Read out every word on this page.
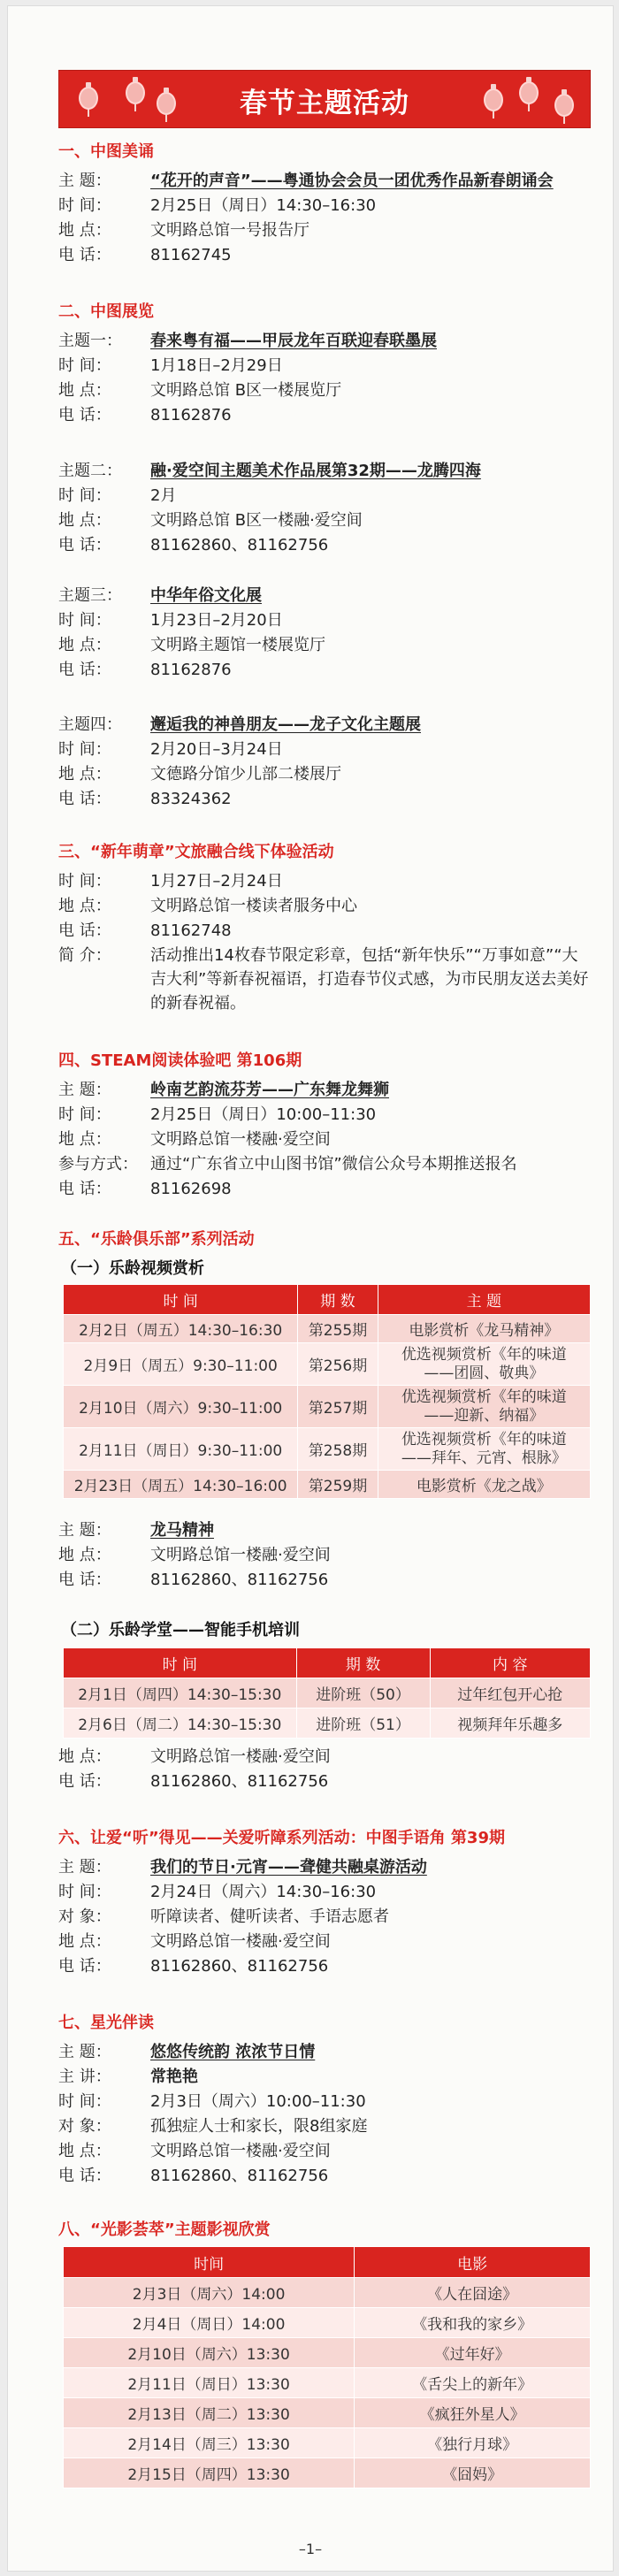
春节主题活动
一、中图美诵
主 题：	“花开的声音”——粤通协会会员一团优秀作品新春朗诵会
时 间：	2月25日（周日）14:30–16:30
地 点：	文明路总馆一号报告厅
电 话：	81162745
二、中图展览
主题一：	春来粤有福——甲辰龙年百联迎春联墨展
时 间：	1月18日–2月29日
地 点：	文明路总馆 B区一楼展览厅
电 话：	81162876
主题二：	融·爱空间主题美术作品展第32期——龙腾四海
时 间：	2月
地 点：	文明路总馆 B区一楼融·爱空间
电 话：	81162860、81162756
主题三：	中华年俗文化展
时 间：	1月23日–2月20日
地 点：	文明路主题馆一楼展览厅
电 话：	81162876
主题四：	邂逅我的神兽朋友——龙子文化主题展
时 间：	2月20日–3月24日
地 点：	文德路分馆少儿部二楼展厅
电 话：	83324362
三、“新年萌章”文旅融合线下体验活动
时 间：	1月27日–2月24日
地 点：	文明路总馆一楼读者服务中心
电 话：	81162748
简 介：	活动推出14枚春节限定彩章，包括“新年快乐”“万事如意”“大吉大利”等新春祝福语，打造春节仪式感，为市民朋友送去美好的新春祝福。
四、STEAM阅读体验吧 第106期
主 题：	岭南艺韵流芬芳——广东舞龙舞狮
时 间：	2月25日（周日）10:00–11:30
地 点：	文明路总馆一楼融·爱空间
参与方式： 通过“广东省立中山图书馆”微信公众号本期推送报名
电 话：	81162698
五、“乐龄俱乐部”系列活动
（一）乐龄视频赏析
时 间	期 数	主 题
2月2日（周五）14:30–16:30	第255期	电影赏析《龙马精神》
2月9日（周五）9:30–11:00	第256期	优选视频赏析《年的味道
——团圆、敬典》
2月10日（周六）9:30–11:00	第257期	优选视频赏析《年的味道
——迎新、纳福》
2月11日（周日）9:30–11:00	第258期	优选视频赏析《年的味道
——拜年、元宵、根脉》
2月23日（周五）14:30–16:00	第259期	电影赏析《龙之战》
主 题：	龙马精神
地 点：	文明路总馆一楼融·爱空间
电 话：	81162860、81162756
（二）乐龄学堂——智能手机培训
时 间	期 数	内 容
2月1日（周四）14:30–15:30	进阶班（50）	过年红包开心抢
2月6日（周二）14:30–15:30	进阶班（51）	视频拜年乐趣多
地 点：	文明路总馆一楼融·爱空间
电 话：	81162860、81162756
六、让爱“听”得见——关爱听障系列活动：中图手语角 第39期
主 题：	我们的节日·元宵——聋健共融桌游活动
时 间：	2月24日（周六）14:30–16:30
对 象：	听障读者、健听读者、手语志愿者
地 点：	文明路总馆一楼融·爱空间
电 话：	81162860、81162756
七、星光伴读
主 题：	悠悠传统韵 浓浓节日情
主 讲：	常艳艳
时 间：	2月3日（周六）10:00–11:30
对 象：	孤独症人士和家长，限8组家庭
地 点：	文明路总馆一楼融·爱空间
电 话：	81162860、81162756
八、“光影荟萃”主题影视欣赏
时间	电影
2月3日（周六）14:00	《人在囧途》
2月4日（周日）14:00	《我和我的家乡》
2月10日（周六）13:30	《过年好》
2月11日（周日）13:30	《舌尖上的新年》
2月13日（周二）13:30	《疯狂外星人》
2月14日（周三）13:30	《独行月球》
2月15日（周四）13:30	《囧妈》
–1–
